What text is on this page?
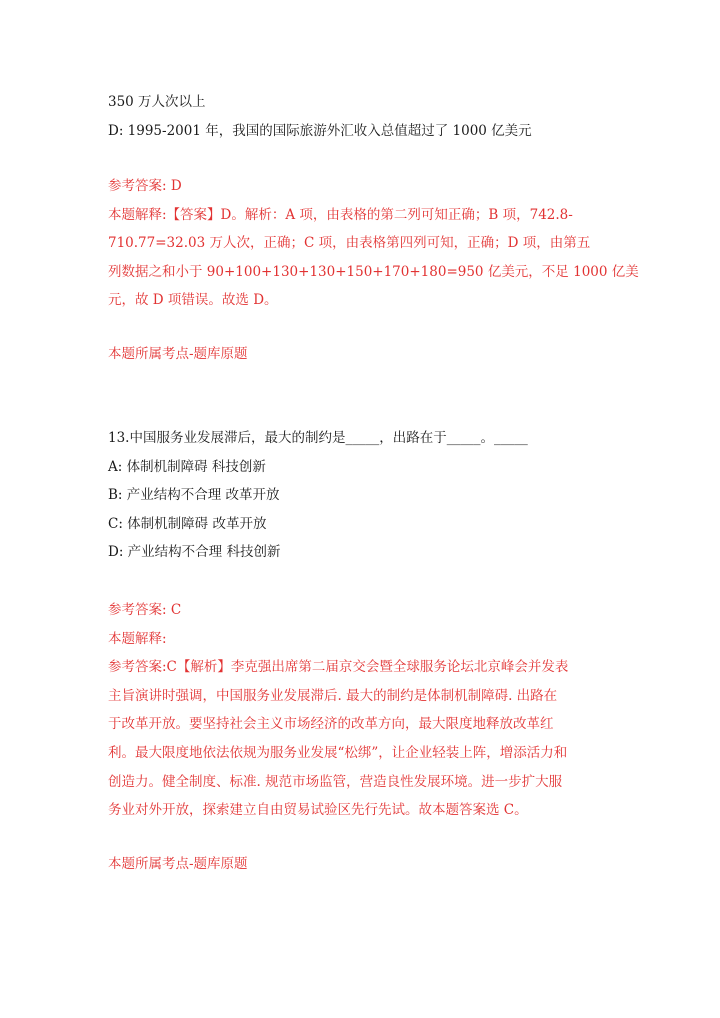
350 万人次以上
D: 1995-2001 年，我国的国际旅游外汇收入总值超过了 1000 亿美元
参考答案: D
本题解释:【答案】D。解析：A 项，由表格的第二列可知正确；B 项，742.8-
710.77=32.03 万人次，正确；C 项，由表格第四列可知，正确；D 项，由第五
列数据之和小于 90+100+130+130+150+170+180=950 亿美元，不足 1000 亿美
元，故 D 项错误。故选 D。
本题所属考点-题库原题
13.中国服务业发展滞后，最大的制约是_____，出路在于_____。_____
A: 体制机制障碍 科技创新
B: 产业结构不合理 改革开放
C: 体制机制障碍 改革开放
D: 产业结构不合理 科技创新
参考答案: C
本题解释:
参考答案:C【解析】李克强出席第二届京交会暨全球服务论坛北京峰会并发表
主旨演讲时强调，中国服务业发展滞后. 最大的制约是体制机制障碍. 出路在
于改革开放。要坚持社会主义市场经济的改革方向，最大限度地释放改革红
利。最大限度地依法依规为服务业发展“松绑”，让企业轻装上阵，增添活力和
创造力。健全制度、标准. 规范市场监管，营造良性发展环境。进一步扩大服
务业对外开放，探索建立自由贸易试验区先行先试。故本题答案选 C。
本题所属考点-题库原题
